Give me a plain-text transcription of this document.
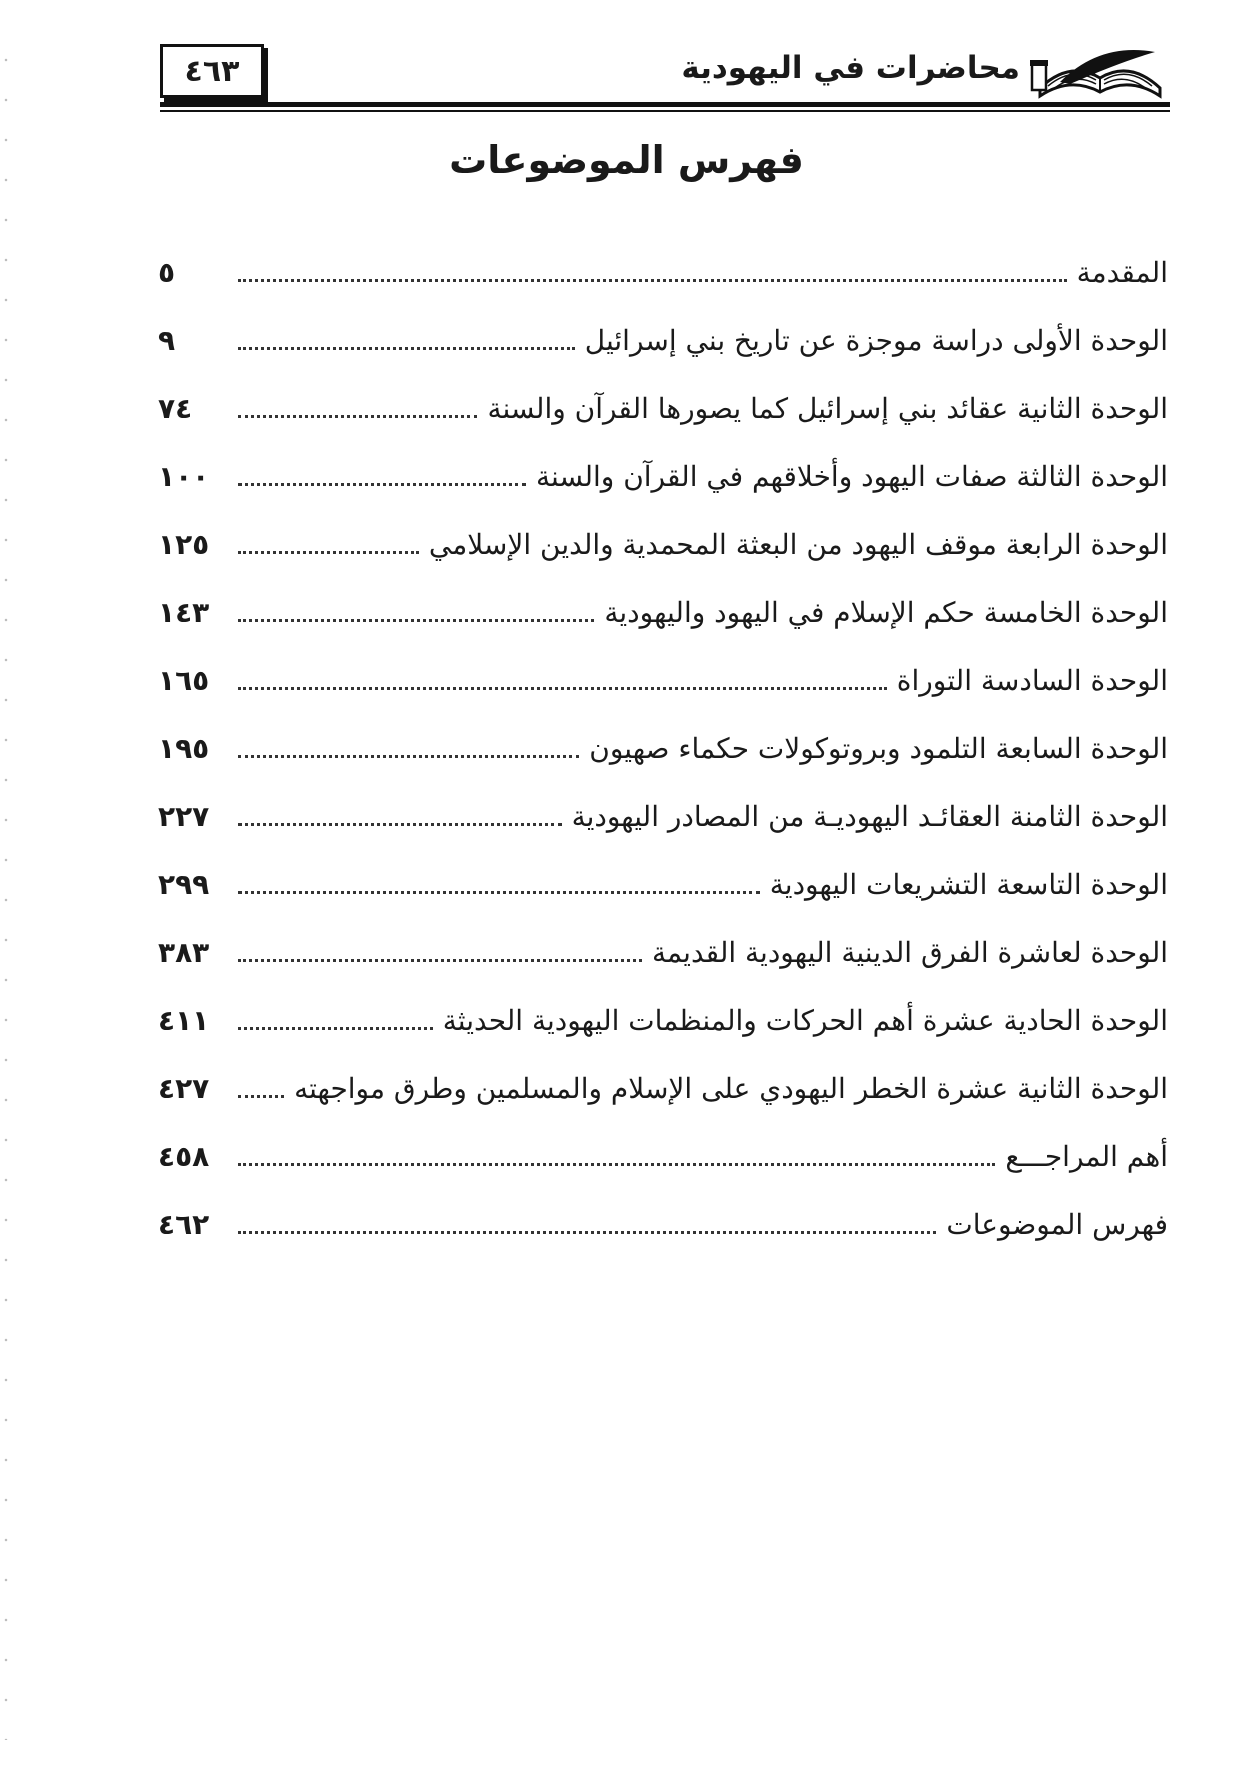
٤٦٣	محاضرات في اليهودية
فهرس الموضوعات
المقدمة
٥
الوحدة الأولى دراسة موجزة عن تاريخ بني إسرائيل
٩
الوحدة الثانية عقائد بني إسرائيل كما يصورها القرآن والسنة
٧٤
الوحدة الثالثة صفات اليهود وأخلاقهم في القرآن والسنة
١٠٠
الوحدة الرابعة موقف اليهود من البعثة المحمدية والدين الإسلامي
١٢٥
الوحدة الخامسة حكم الإسلام في اليهود واليهودية
١٤٣
الوحدة السادسة التوراة
١٦٥
الوحدة السابعة التلمود وبروتوكولات حكماء صهيون
١٩٥
الوحدة الثامنة العقائـد اليهوديـة من المصادر اليهودية
٢٢٧
الوحدة التاسعة التشريعات اليهودية
٢٩٩
الوحدة لعاشرة الفرق الدينية اليهودية القديمة
٣٨٣
الوحدة الحادية عشرة أهم الحركات والمنظمات اليهودية الحديثة
٤١١
الوحدة الثانية عشرة الخطر اليهودي على الإسلام والمسلمين وطرق مواجهته
٤٢٧
أهم المراجـــع
٤٥٨
فهرس الموضوعات
٤٦٢
